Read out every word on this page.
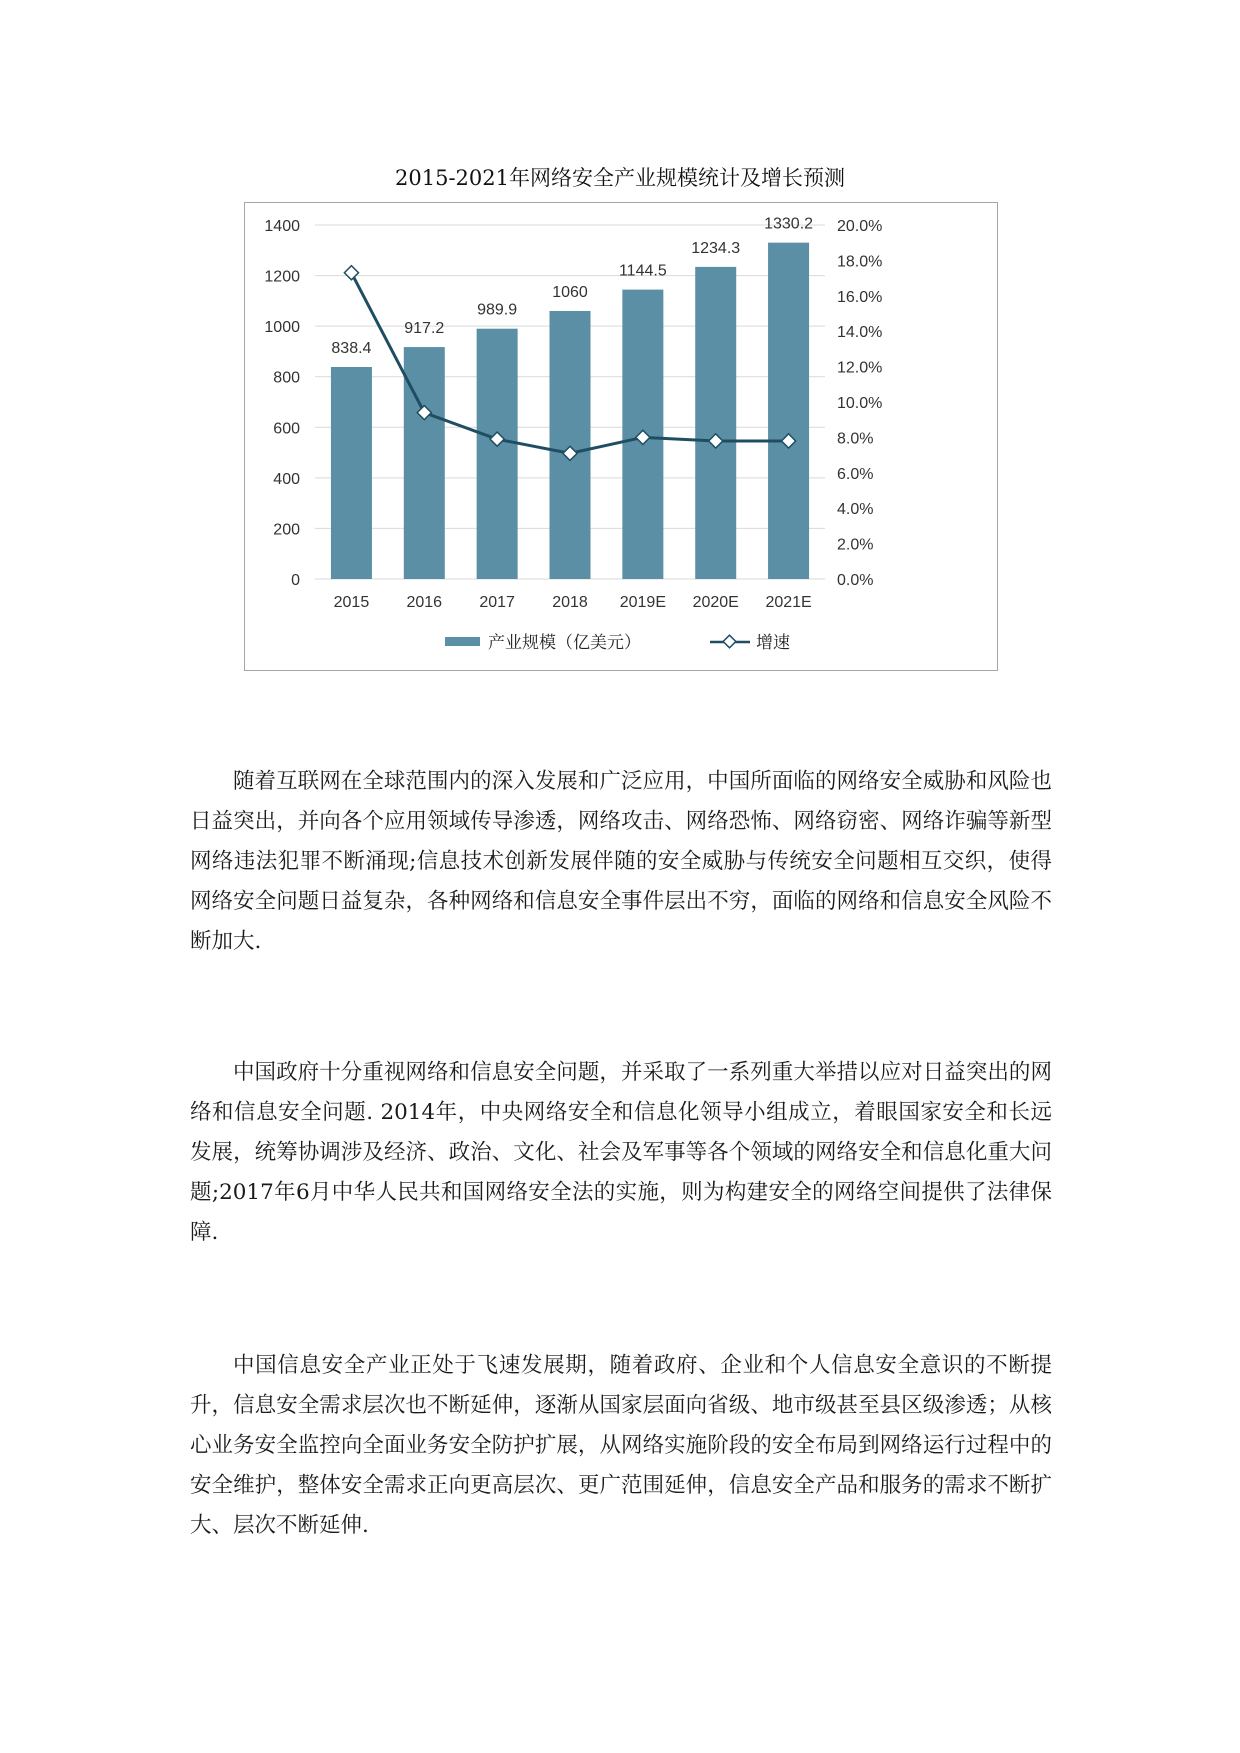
2015-2021年网络安全产业规模统计及增长预测
838.4
917.2
989.9
1060
1144.5
1234.3
1330.2
0
200
400
600
800
1000
1200
1400
0.0%
2.0%
4.0%
6.0%
8.0%
10.0%
12.0%
14.0%
16.0%
18.0%
20.0%
2015 2016 2017 2018 2019E 2020E 2021E
产业规模（亿美元）	增速

随着互联网在全球范围内的深入发展和广泛应用，中国所面临的网络安全威胁和风险也日益突出，并向各个应用领域传导渗透，网络攻击、网络恐怖、网络窃密、网络诈骗等新型网络违法犯罪不断涌现;信息技术创新发展伴随的安全威胁与传统安全问题相互交织，使得网络安全问题日益复杂，各种网络和信息安全事件层出不穷，面临的网络和信息安全风险不断加大.

中国政府十分重视网络和信息安全问题，并采取了一系列重大举措以应对日益突出的网络和信息安全问题. 2014年，中央网络安全和信息化领导小组成立，着眼国家安全和长远发展，统筹协调涉及经济、政治、文化、社会及军事等各个领域的网络安全和信息化重大问题;2017年6月中华人民共和国网络安全法的实施，则为构建安全的网络空间提供了法律保障.

中国信息安全产业正处于飞速发展期，随着政府、企业和个人信息安全意识的不断提升，信息安全需求层次也不断延伸，逐渐从国家层面向省级、地市级甚至县区级渗透；从核心业务安全监控向全面业务安全防护扩展，从网络实施阶段的安全布局到网络运行过程中的安全维护，整体安全需求正向更高层次、更广范围延伸，信息安全产品和服务的需求不断扩大、层次不断延伸.
